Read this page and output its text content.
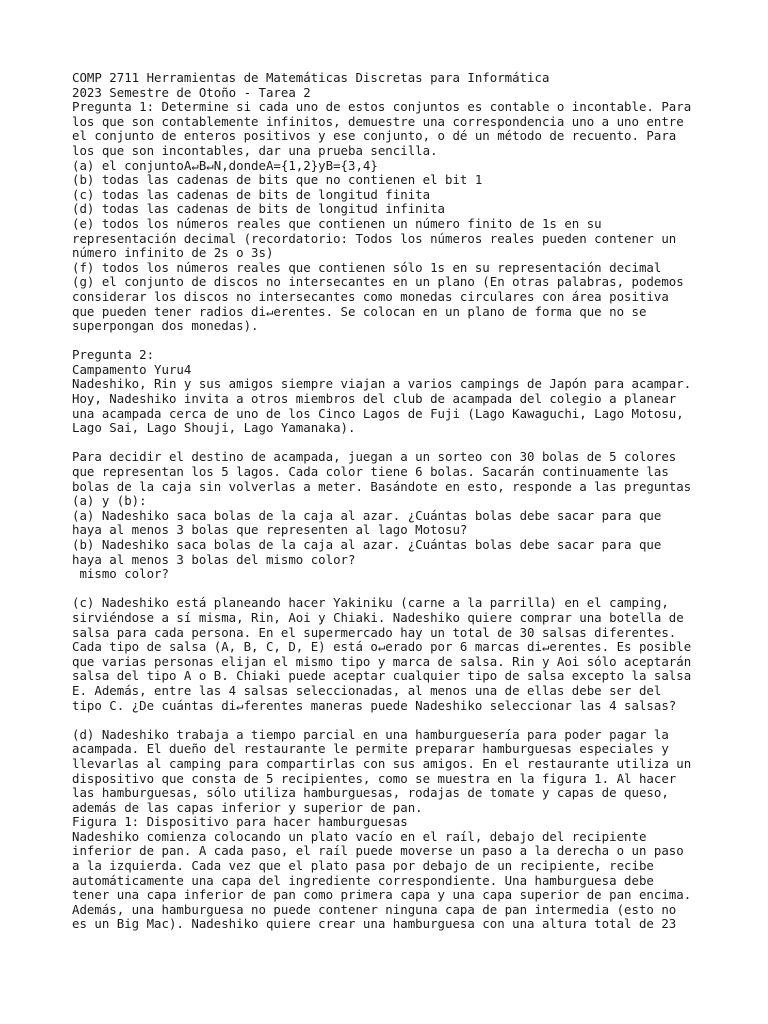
COMP 2711 Herramientas de Matemáticas Discretas para Informática
2023 Semestre de Otoño - Tarea 2
Pregunta 1: Determine si cada uno de estos conjuntos es contable o incontable. Para
los que son contablemente infinitos, demuestre una correspondencia uno a uno entre
el conjunto de enteros positivos y ese conjunto, o dé un método de recuento. Para
los que son incontables, dar una prueba sencilla.
(a) el conjuntoA↵B↵N,dondeA={1,2}yB={3,4}
(b) todas las cadenas de bits que no contienen el bit 1
(c) todas las cadenas de bits de longitud finita
(d) todas las cadenas de bits de longitud infinita
(e) todos los números reales que contienen un número finito de 1s en su
representación decimal (recordatorio: Todos los números reales pueden contener un
número infinito de 2s o 3s)
(f) todos los números reales que contienen sólo 1s en su representación decimal
(g) el conjunto de discos no intersecantes en un plano (En otras palabras, podemos
considerar los discos no intersecantes como monedas circulares con área positiva
que pueden tener radios di↵erentes. Se colocan en un plano de forma que no se
superpongan dos monedas).
Pregunta 2:
Campamento Yuru4
Nadeshiko, Rin y sus amigos siempre viajan a varios campings de Japón para acampar.
Hoy, Nadeshiko invita a otros miembros del club de acampada del colegio a planear
una acampada cerca de uno de los Cinco Lagos de Fuji (Lago Kawaguchi, Lago Motosu,
Lago Sai, Lago Shouji, Lago Yamanaka).
Para decidir el destino de acampada, juegan a un sorteo con 30 bolas de 5 colores
que representan los 5 lagos. Cada color tiene 6 bolas. Sacarán continuamente las
bolas de la caja sin volverlas a meter. Basándote en esto, responde a las preguntas
(a) y (b):
(a) Nadeshiko saca bolas de la caja al azar. ¿Cuántas bolas debe sacar para que
haya al menos 3 bolas que representen al lago Motosu?
(b) Nadeshiko saca bolas de la caja al azar. ¿Cuántas bolas debe sacar para que
haya al menos 3 bolas del mismo color?
mismo color?
(c) Nadeshiko está planeando hacer Yakiniku (carne a la parrilla) en el camping,
sirviéndose a sí misma, Rin, Aoi y Chiaki. Nadeshiko quiere comprar una botella de
salsa para cada persona. En el supermercado hay un total de 30 salsas diferentes.
Cada tipo de salsa (A, B, C, D, E) está o↵erado por 6 marcas di↵erentes. Es posible
que varias personas elijan el mismo tipo y marca de salsa. Rin y Aoi sólo aceptarán
salsa del tipo A o B. Chiaki puede aceptar cualquier tipo de salsa excepto la salsa
E. Además, entre las 4 salsas seleccionadas, al menos una de ellas debe ser del
tipo C. ¿De cuántas di↵ferentes maneras puede Nadeshiko seleccionar las 4 salsas?
(d) Nadeshiko trabaja a tiempo parcial en una hamburguesería para poder pagar la
acampada. El dueño del restaurante le permite preparar hamburguesas especiales y
llevarlas al camping para compartirlas con sus amigos. En el restaurante utiliza un
dispositivo que consta de 5 recipientes, como se muestra en la figura 1. Al hacer
las hamburguesas, sólo utiliza hamburguesas, rodajas de tomate y capas de queso,
además de las capas inferior y superior de pan.
Figura 1: Dispositivo para hacer hamburguesas
Nadeshiko comienza colocando un plato vacío en el raíl, debajo del recipiente
inferior de pan. A cada paso, el raíl puede moverse un paso a la derecha o un paso
a la izquierda. Cada vez que el plato pasa por debajo de un recipiente, recibe
automáticamente una capa del ingrediente correspondiente. Una hamburguesa debe
tener una capa inferior de pan como primera capa y una capa superior de pan encima.
Además, una hamburguesa no puede contener ninguna capa de pan intermedia (esto no
es un Big Mac). Nadeshiko quiere crear una hamburguesa con una altura total de 23
